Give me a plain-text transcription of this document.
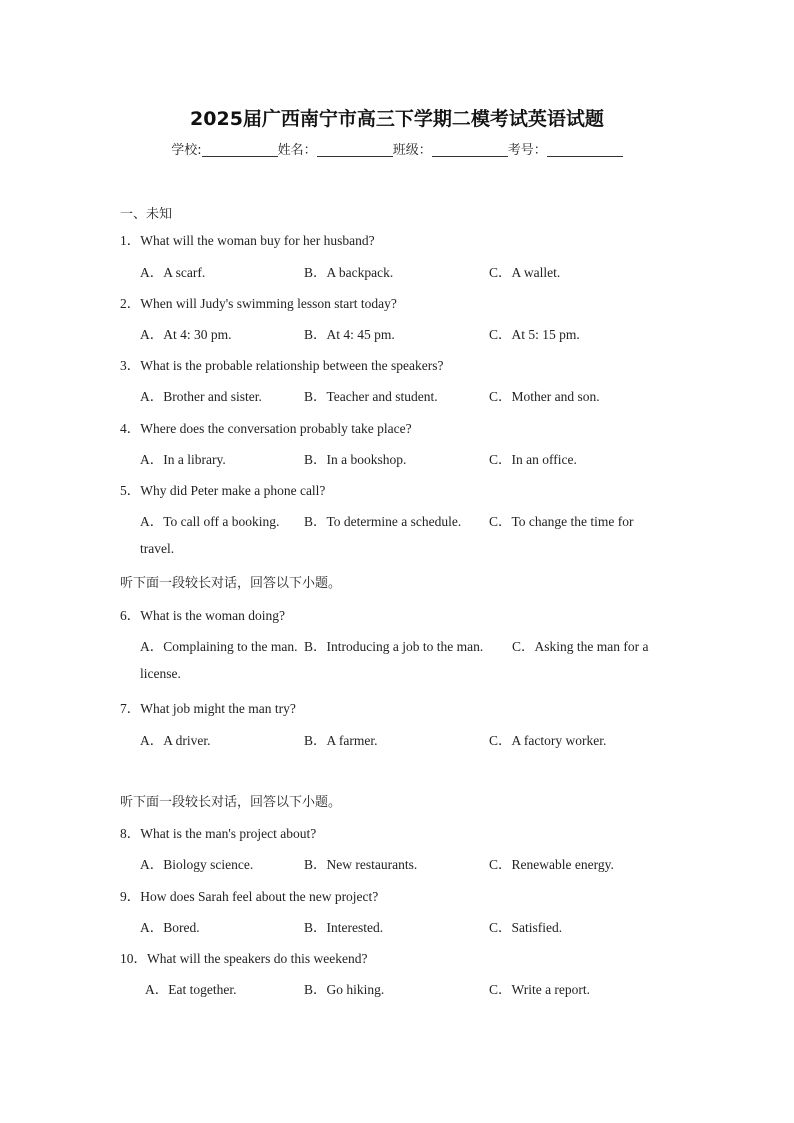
2025届广西南宁市高三下学期二模考试英语试题
学校:	姓名：	班级：	考号：
一、未知
1．What will the woman buy for her husband?
A．A scarf.	B．A backpack.	C．A wallet.
2．When will Judy's swimming lesson start today?
A．At 4: 30 pm.	B．At 4: 45 pm.	C．At 5: 15 pm.
3．What is the probable relationship between the speakers?
A．Brother and sister.	B．Teacher and student.	C．Mother and son.
4．Where does the conversation probably take place?
A．In a library.	B．In a bookshop.	C．In an office.
5．Why did Peter make a phone call?
A．To call off a booking. B．To determine a schedule. C．To change the time for
travel.
听下面一段较长对话，回答以下小题。
6．What is the woman doing?
A．Complaining to the man. B．Introducing a job to the man. C．Asking the man for a
license.
7．What job might the man try?
A．A driver.	B．A farmer.	C．A factory worker.
听下面一段较长对话，回答以下小题。
8．What is the man's project about?
A．Biology science.	B．New restaurants.	C．Renewable energy.
9．How does Sarah feel about the new project?
A．Bored.	B．Interested.	C．Satisfied.
10．What will the speakers do this weekend?
A．Eat together.	B．Go hiking.	C．Write a report.
